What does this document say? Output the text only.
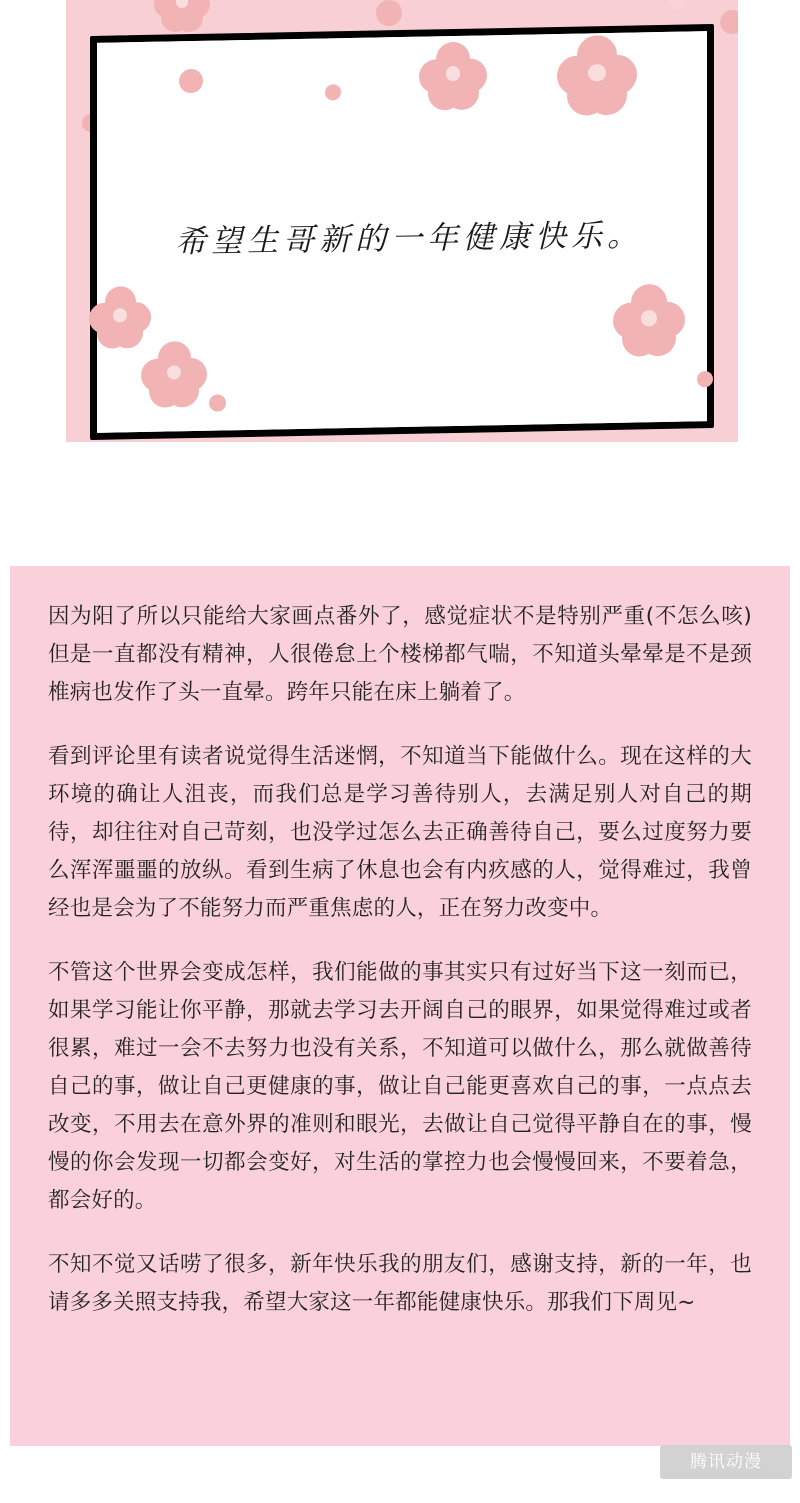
希望生哥新的一年健康快乐。

因为阳了所以只能给大家画点番外了，感觉症状不是特别严重(不怎么咳)但是一直都没有精神，人很倦怠上个楼梯都气喘，不知道头晕晕是不是颈椎病也发作了头一直晕。跨年只能在床上躺着了。

看到评论里有读者说觉得生活迷惘，不知道当下能做什么。现在这样的大环境的确让人沮丧，而我们总是学习善待别人，去满足别人对自己的期待，却往往对自己苛刻，也没学过怎么去正确善待自己，要么过度努力要么浑浑噩噩的放纵。看到生病了休息也会有内疚感的人，觉得难过，我曾经也是会为了不能努力而严重焦虑的人，正在努力改变中。

不管这个世界会变成怎样，我们能做的事其实只有过好当下这一刻而已，如果学习能让你平静，那就去学习去开阔自己的眼界，如果觉得难过或者很累，难过一会不去努力也没有关系，不知道可以做什么，那么就做善待自己的事，做让自己更健康的事，做让自己能更喜欢自己的事，一点点去改变，不用去在意外界的准则和眼光，去做让自己觉得平静自在的事，慢慢的你会发现一切都会变好，对生活的掌控力也会慢慢回来，不要着急，都会好的。

不知不觉又话唠了很多，新年快乐我的朋友们，感谢支持，新的一年，也请多多关照支持我，希望大家这一年都能健康快乐。那我们下周见~

腾讯动漫
